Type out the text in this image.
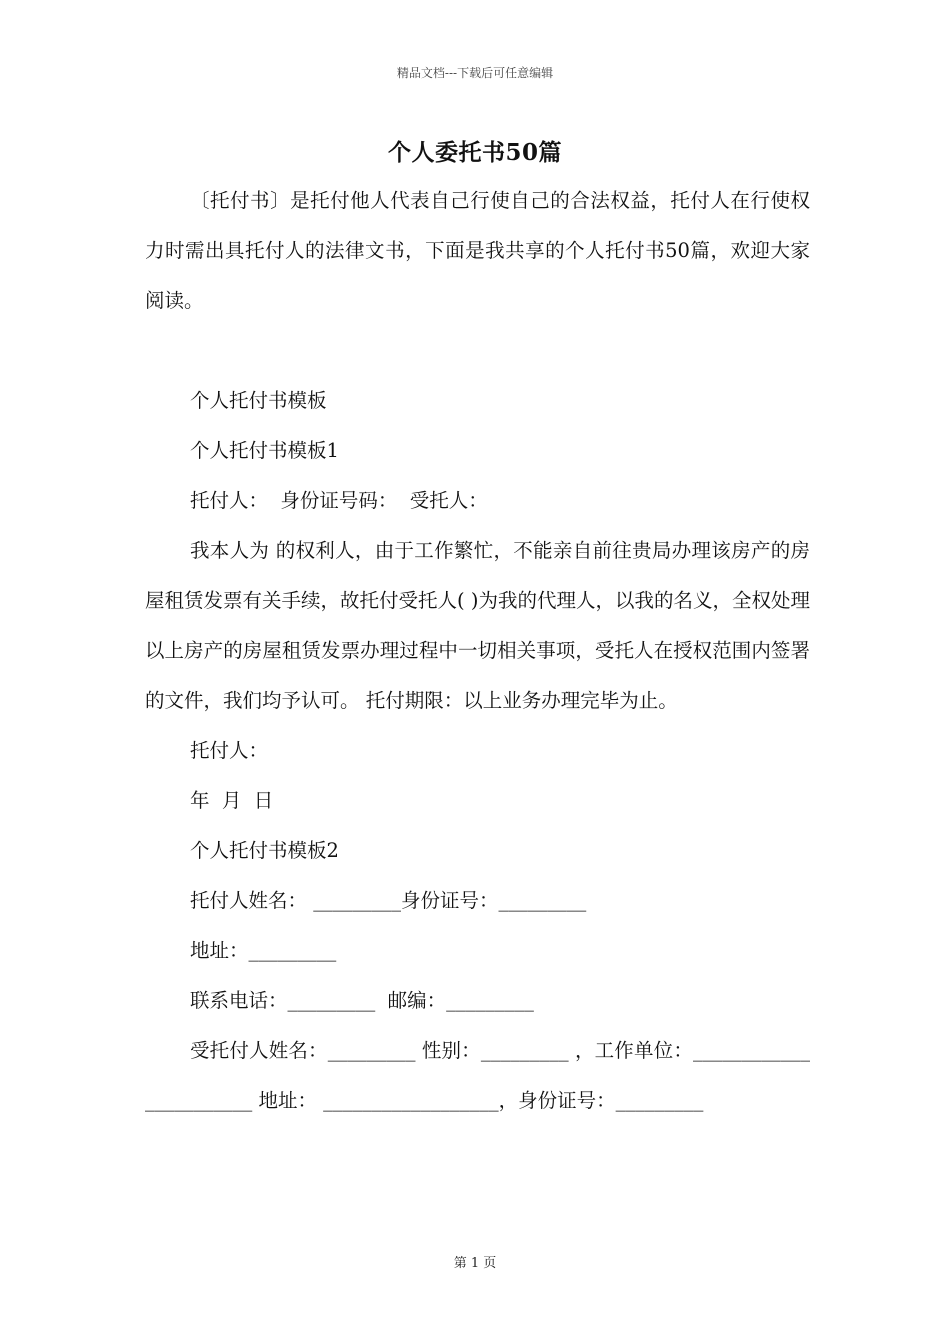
精品文档---下载后可任意编辑
个人委托书50篇

〔托付书〕是托付他人代表自己行使自己的合法权益，托付人在行使权力时需出具托付人的法律文书，下面是我共享的个人托付书50篇，欢迎大家阅读。

个人托付书模板

个人托付书模板1

托付人：  身份证号码：  受托人：

我本人为 的权利人，由于工作繁忙，不能亲自前往贵局办理该房产的房屋租赁发票有关手续，故托付受托人( )为我的代理人，以我的名义，全权处理以上房产的房屋租赁发票办理过程中一切相关事项，受托人在授权范围内签署的文件，我们均予认可。 托付期限：以上业务办理完毕为止。

托付人：

年  月  日

个人托付书模板2

托付人姓名： _________身份证号：_________

地址：_________

联系电话：_________  邮编：_________

受托付人姓名：_________ 性别：_________ ，工作单位：_______________________ 地址： __________________，身份证号：_________

第 1 页
